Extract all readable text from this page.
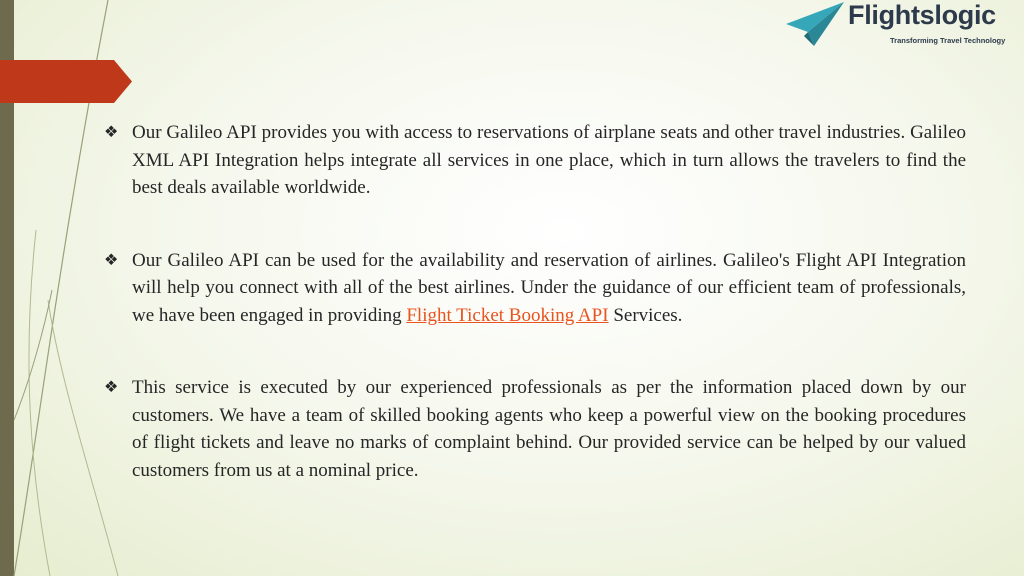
Flightslogic
Transforming Travel Technology
❖ Our Galileo API provides you with access to reservations of airplane seats and other travel industries. Galileo XML API Integration helps integrate all services in one place, which in turn allows the travelers to find the best deals available worldwide.
❖ Our Galileo API can be used for the availability and reservation of airlines. Galileo's Flight API Integration will help you connect with all of the best airlines. Under the guidance of our efficient team of professionals, we have been engaged in providing Flight Ticket Booking API Services.
❖ This service is executed by our experienced professionals as per the information placed down by our customers. We have a team of skilled booking agents who keep a powerful view on the booking procedures of flight tickets and leave no marks of complaint behind. Our provided service can be helped by our valued customers from us at a nominal price.
